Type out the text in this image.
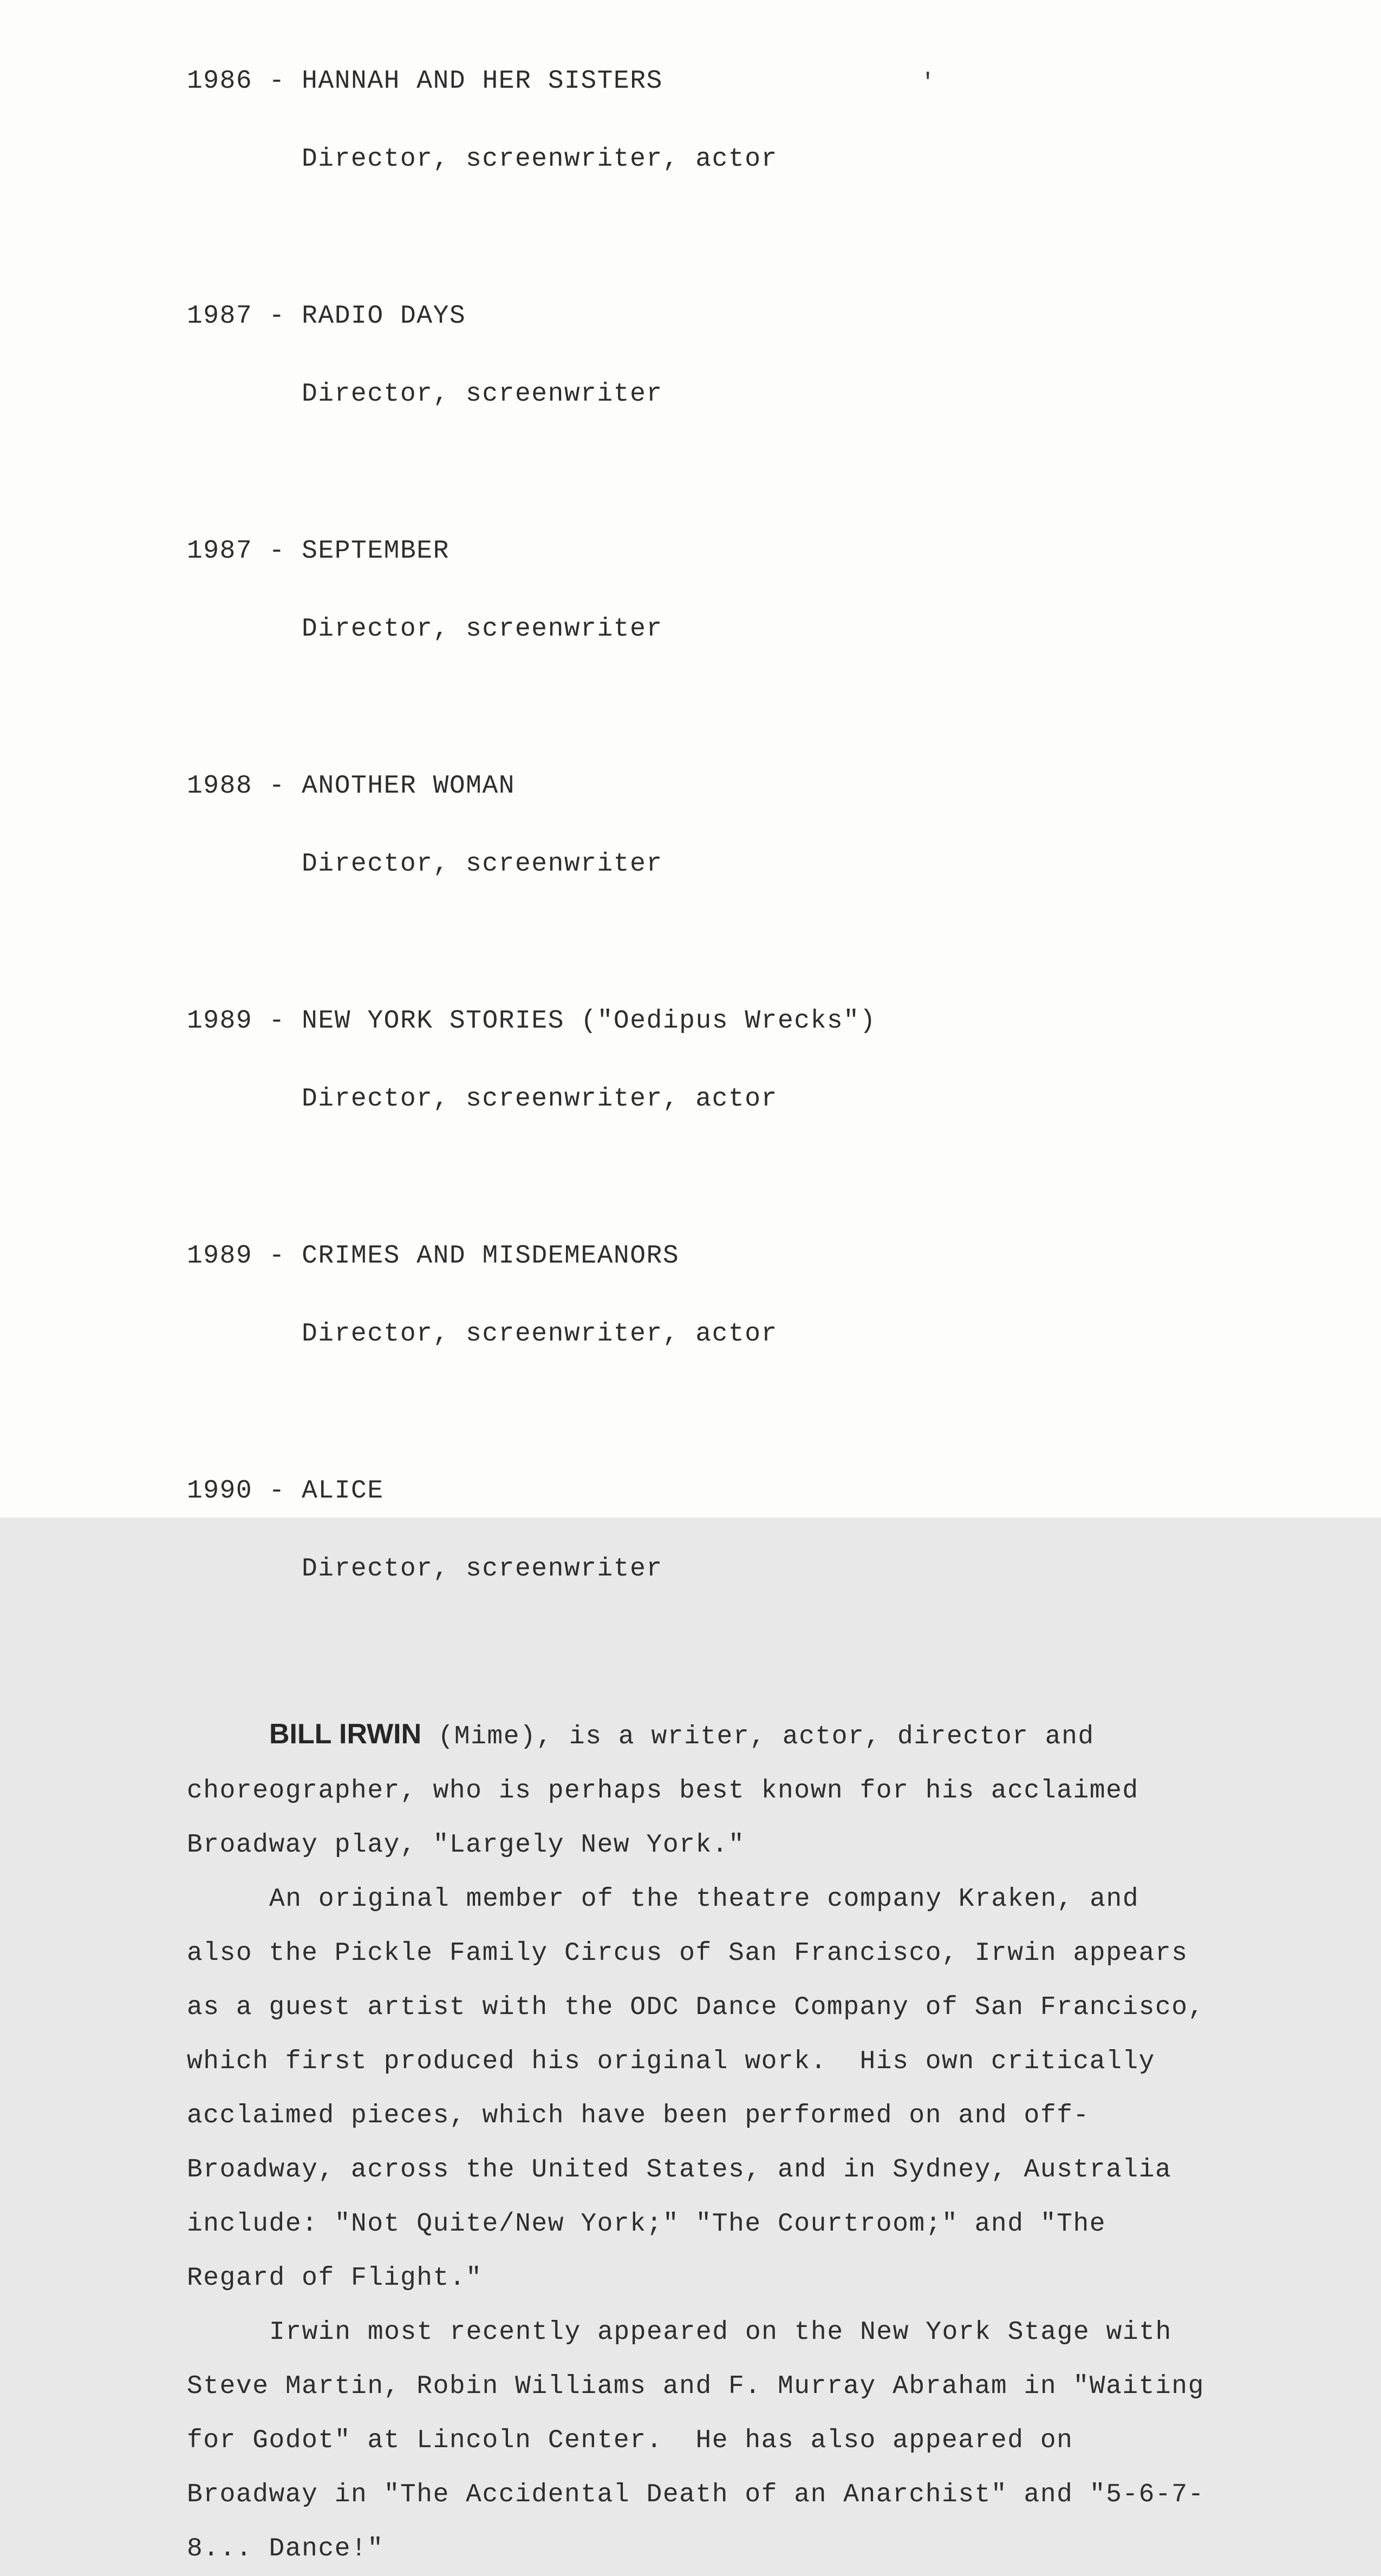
'

1986 - HANNAH AND HER SISTERS

Director, screenwriter, actor

1987 - RADIO DAYS

Director, screenwriter

1987 - SEPTEMBER

Director, screenwriter

1988 - ANOTHER WOMAN

Director, screenwriter

1989 - NEW YORK STORIES ("Oedipus Wrecks")

Director, screenwriter, actor

1989 - CRIMES AND MISDEMEANORS

Director, screenwriter, actor

1990 - ALICE

Director, screenwriter

BILL IRWIN (Mime), is a writer, actor, director and
choreographer, who is perhaps best known for his acclaimed
Broadway play, "Largely New York."
An original member of the theatre company Kraken, and
also the Pickle Family Circus of San Francisco, Irwin appears
as a guest artist with the ODC Dance Company of San Francisco,
which first produced his original work.  His own critically
acclaimed pieces, which have been performed on and off-
Broadway, across the United States, and in Sydney, Australia
include: "Not Quite/New York;" "The Courtroom;" and "The
Regard of Flight."
Irwin most recently appeared on the New York Stage with
Steve Martin, Robin Williams and F. Murray Abraham in "Waiting
for Godot" at Lincoln Center.  He has also appeared on
Broadway in "The Accidental Death of an Anarchist" and "5-6-7-
8... Dance!"
